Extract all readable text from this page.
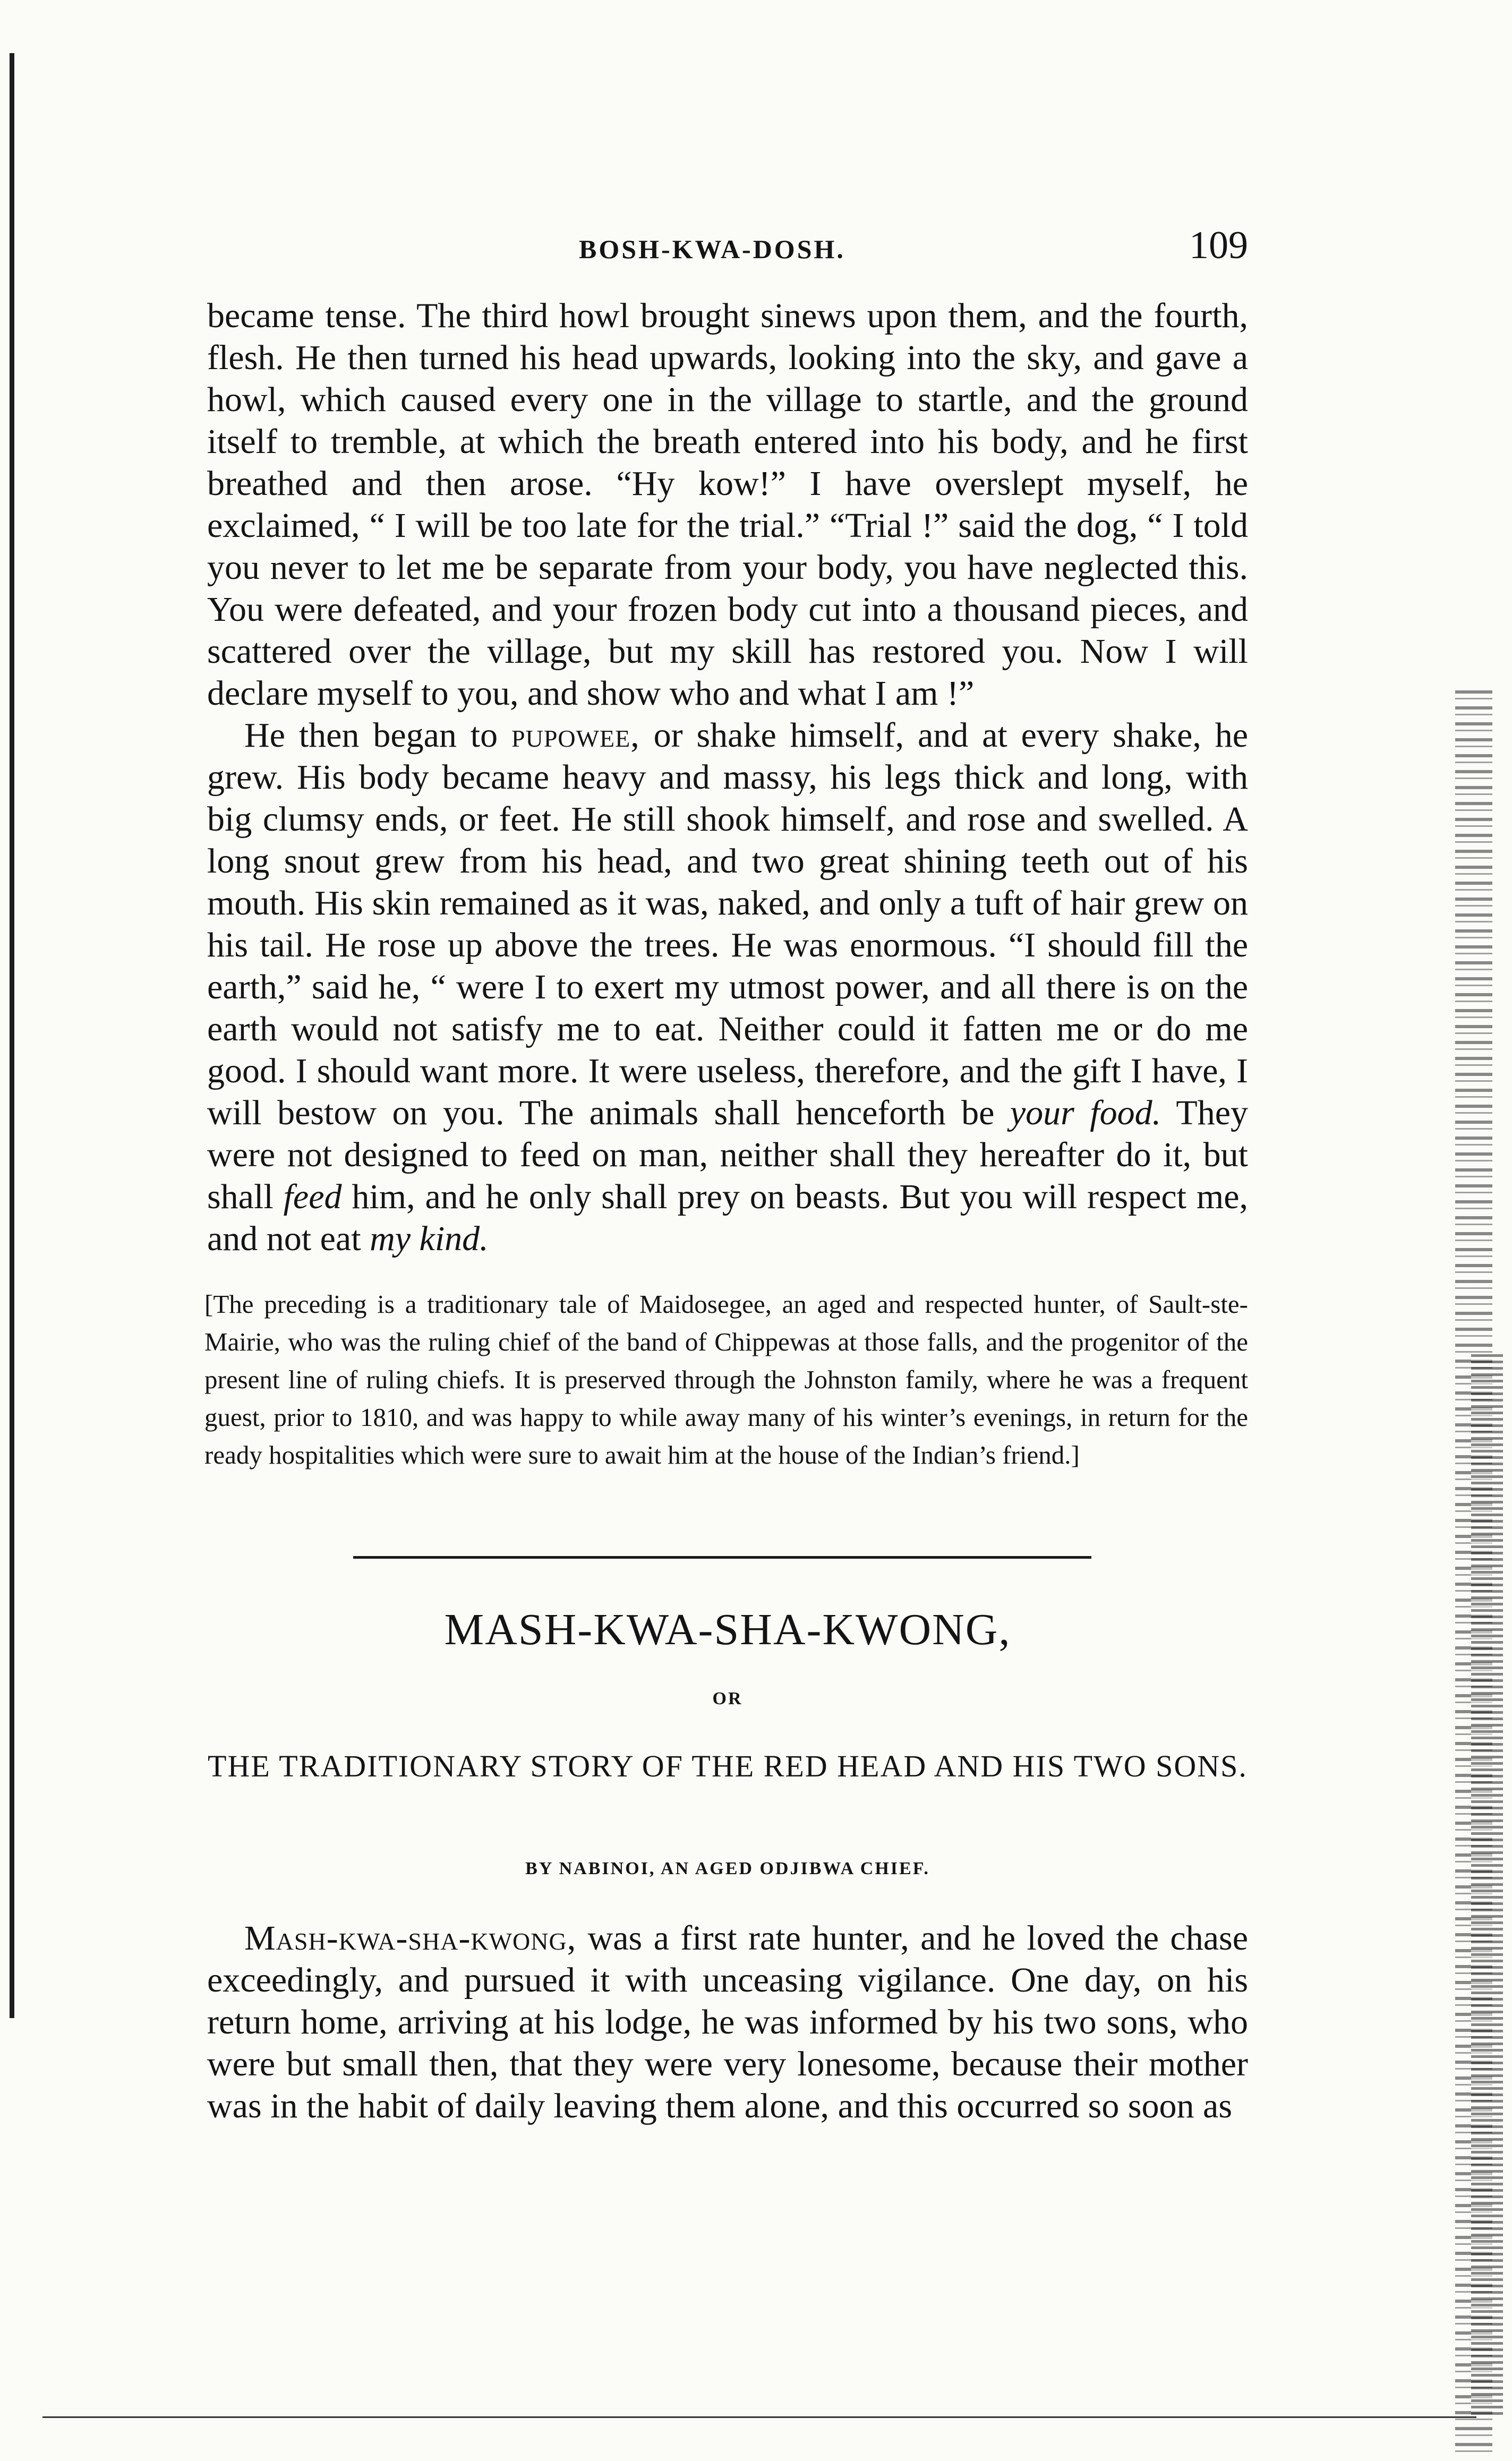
BOSH-KWA-DOSH.	109

became tense. The third howl brought sinews upon them, and the fourth, flesh. He then turned his head upwards, looking into the sky, and gave a howl, which caused every one in the village to startle, and the ground itself to tremble, at which the breath entered into his body, and he first breathed and then arose. “Hy kow!” I have overslept myself, he exclaimed, “ I will be too late for the trial.” “Trial !” said the dog, “ I told you never to let me be separate from your body, you have neglected this. You were defeated, and your frozen body cut into a thousand pieces, and scattered over the village, but my skill has restored you. Now I will declare myself to you, and show who and what I am !”

He then began to pupowee, or shake himself, and at every shake, he grew. His body became heavy and massy, his legs thick and long, with big clumsy ends, or feet. He still shook himself, and rose and swelled. A long snout grew from his head, and two great shining teeth out of his mouth. His skin remained as it was, naked, and only a tuft of hair grew on his tail. He rose up above the trees. He was enormous. “I should fill the earth,” said he, “ were I to exert my utmost power, and all there is on the earth would not satisfy me to eat. Neither could it fatten me or do me good. I should want more. It were useless, therefore, and the gift I have, I will bestow on you. The animals shall henceforth be your food. They were not designed to feed on man, neither shall they hereafter do it, but shall feed him, and he only shall prey on beasts. But you will respect me, and not eat my kind.

[The preceding is a traditionary tale of Maidosegee, an aged and respected hunter, of Sault-ste-Mairie, who was the ruling chief of the band of Chippewas at those falls, and the progenitor of the present line of ruling chiefs. It is preserved through the Johnston family, where he was a frequent guest, prior to 1810, and was happy to while away many of his winter’s evenings, in return for the ready hospitalities which were sure to await him at the house of the Indian’s friend.]

MASH-KWA-SHA-KWONG,
OR
THE TRADITIONARY STORY OF THE RED HEAD AND HIS TWO SONS.
BY NABINOI, AN AGED ODJIBWA CHIEF.

Mash-kwa-sha-kwong, was a first rate hunter, and he loved the chase exceedingly, and pursued it with unceasing vigilance. One day, on his return home, arriving at his lodge, he was informed by his two sons, who were but small then, that they were very lonesome, because their mother was in the habit of daily leaving them alone, and this occurred so soon as
